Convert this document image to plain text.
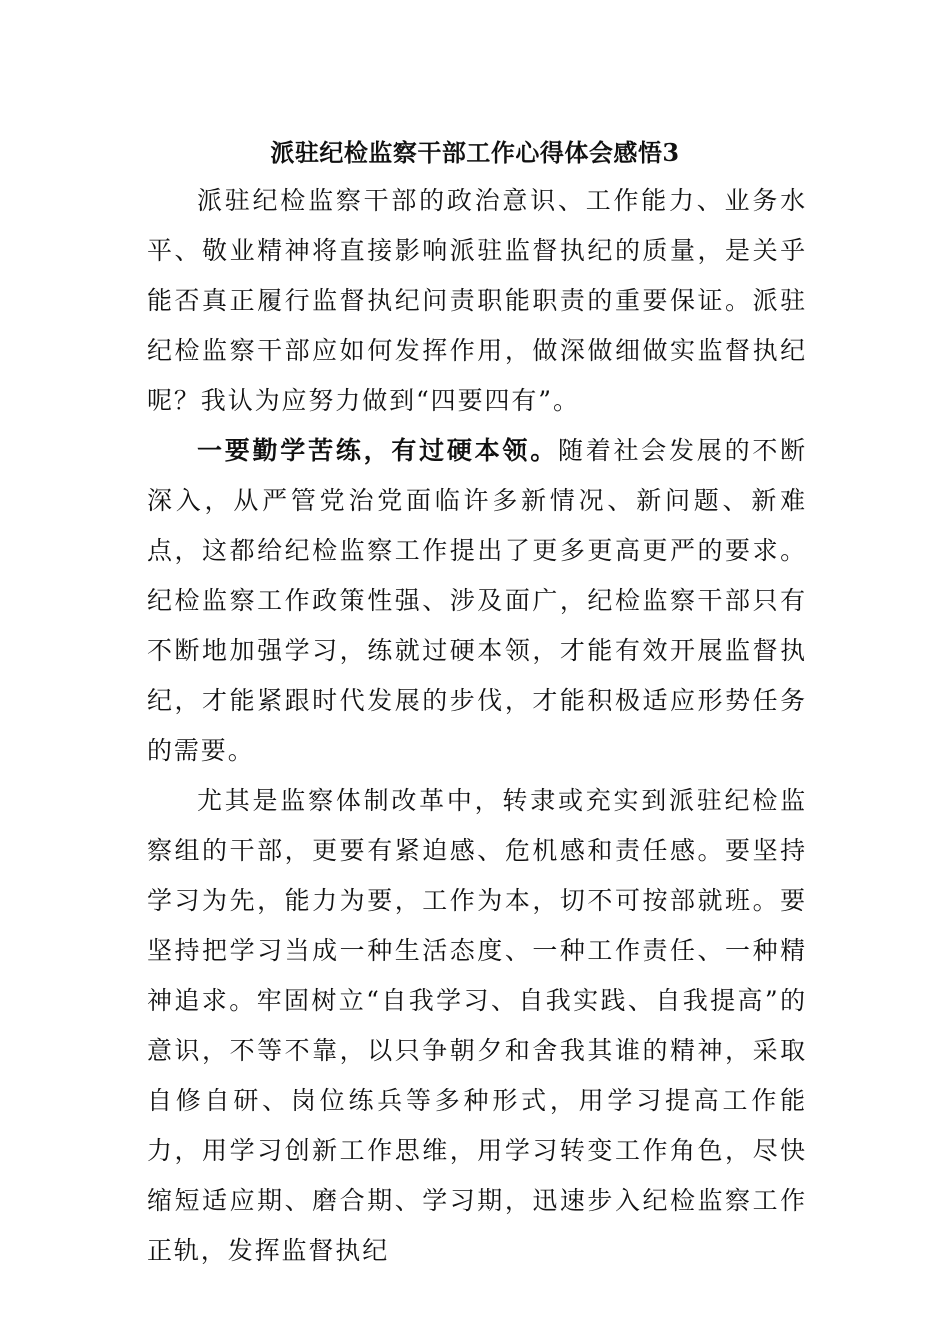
派驻纪检监察干部工作心得体会感悟3

派驻纪检监察干部的政治意识、工作能力、业务水平、敬业精神将直接影响派驻监督执纪的质量，是关乎能否真正履行监督执纪问责职能职责的重要保证。派驻纪检监察干部应如何发挥作用，做深做细做实监督执纪呢？我认为应努力做到“四要四有”。

一要勤学苦练，有过硬本领。随着社会发展的不断深入，从严管党治党面临许多新情况、新问题、新难点，这都给纪检监察工作提出了更多更高更严的要求。纪检监察工作政策性强、涉及面广，纪检监察干部只有不断地加强学习，练就过硬本领，才能有效开展监督执纪，才能紧跟时代发展的步伐，才能积极适应形势任务的需要。

尤其是监察体制改革中，转隶或充实到派驻纪检监察组的干部，更要有紧迫感、危机感和责任感。要坚持学习为先，能力为要，工作为本，切不可按部就班。要坚持把学习当成一种生活态度、一种工作责任、一种精神追求。牢固树立“自我学习、自我实践、自我提高”的意识，不等不靠，以只争朝夕和舍我其谁的精神，采取自修自研、岗位练兵等多种形式，用学习提高工作能力，用学习创新工作思维，用学习转变工作角色，尽快缩短适应期、磨合期、学习期，迅速步入纪检监察工作正轨，发挥监督执纪
